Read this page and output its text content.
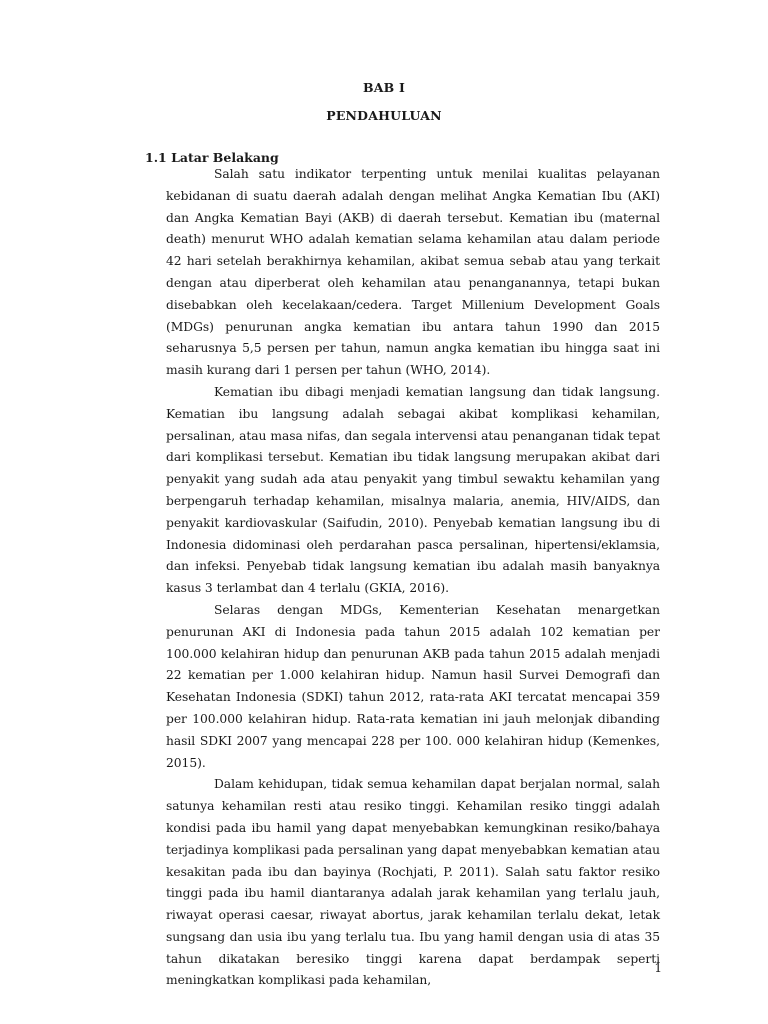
BAB I
PENDAHULUAN
1.1 Latar Belakang

Salah satu indikator terpenting untuk menilai kualitas pelayanan kebidanan di suatu daerah adalah dengan melihat Angka Kematian Ibu (AKI) dan Angka Kematian Bayi (AKB) di daerah tersebut. Kematian ibu (maternal death) menurut WHO adalah kematian selama kehamilan atau dalam periode 42 hari setelah berakhirnya kehamilan, akibat semua sebab atau yang terkait dengan atau diperberat oleh kehamilan atau penanganannya, tetapi bukan disebabkan oleh kecelakaan/cedera. Target Millenium Development Goals (MDGs) penurunan angka kematian ibu antara tahun 1990 dan 2015 seharusnya 5,5 persen per tahun, namun angka kematian ibu hingga saat ini masih kurang dari 1 persen per tahun (WHO, 2014).

Kematian ibu dibagi menjadi kematian langsung dan tidak langsung. Kematian ibu langsung adalah sebagai akibat komplikasi kehamilan, persalinan, atau masa nifas, dan segala intervensi atau penanganan tidak tepat dari komplikasi tersebut. Kematian ibu tidak langsung merupakan akibat dari penyakit yang sudah ada atau penyakit yang timbul sewaktu kehamilan yang berpengaruh terhadap kehamilan, misalnya malaria, anemia, HIV/AIDS, dan penyakit kardiovaskular (Saifudin, 2010). Penyebab kematian langsung ibu di Indonesia didominasi oleh perdarahan pasca persalinan, hipertensi/eklamsia, dan infeksi. Penyebab tidak langsung kematian ibu adalah masih banyaknya kasus 3 terlambat dan 4 terlalu (GKIA, 2016).

Selaras dengan MDGs, Kementerian Kesehatan menargetkan penurunan AKI di Indonesia pada tahun 2015 adalah 102 kematian per 100.000 kelahiran hidup dan penurunan AKB pada tahun 2015 adalah menjadi 22 kematian per 1.000 kelahiran hidup. Namun hasil Survei Demografi dan Kesehatan Indonesia (SDKI) tahun 2012, rata-rata AKI tercatat mencapai 359 per 100.000 kelahiran hidup. Rata-rata kematian ini jauh melonjak dibanding hasil SDKI 2007 yang mencapai 228 per 100. 000 kelahiran hidup (Kemenkes, 2015).

Dalam kehidupan, tidak semua kehamilan dapat berjalan normal, salah satunya kehamilan resti atau resiko tinggi. Kehamilan resiko tinggi adalah kondisi pada ibu hamil yang dapat menyebabkan kemungkinan resiko/bahaya terjadinya komplikasi pada persalinan yang dapat menyebabkan kematian atau kesakitan pada ibu dan bayinya (Rochjati, P. 2011). Salah satu faktor resiko tinggi pada ibu hamil diantaranya adalah jarak kehamilan yang terlalu jauh, riwayat operasi caesar, riwayat abortus, jarak kehamilan terlalu dekat, letak sungsang dan usia ibu yang terlalu tua. Ibu yang hamil dengan usia di atas 35 tahun dikatakan beresiko tinggi karena dapat berdampak seperti meningkatkan komplikasi pada kehamilan,

1
